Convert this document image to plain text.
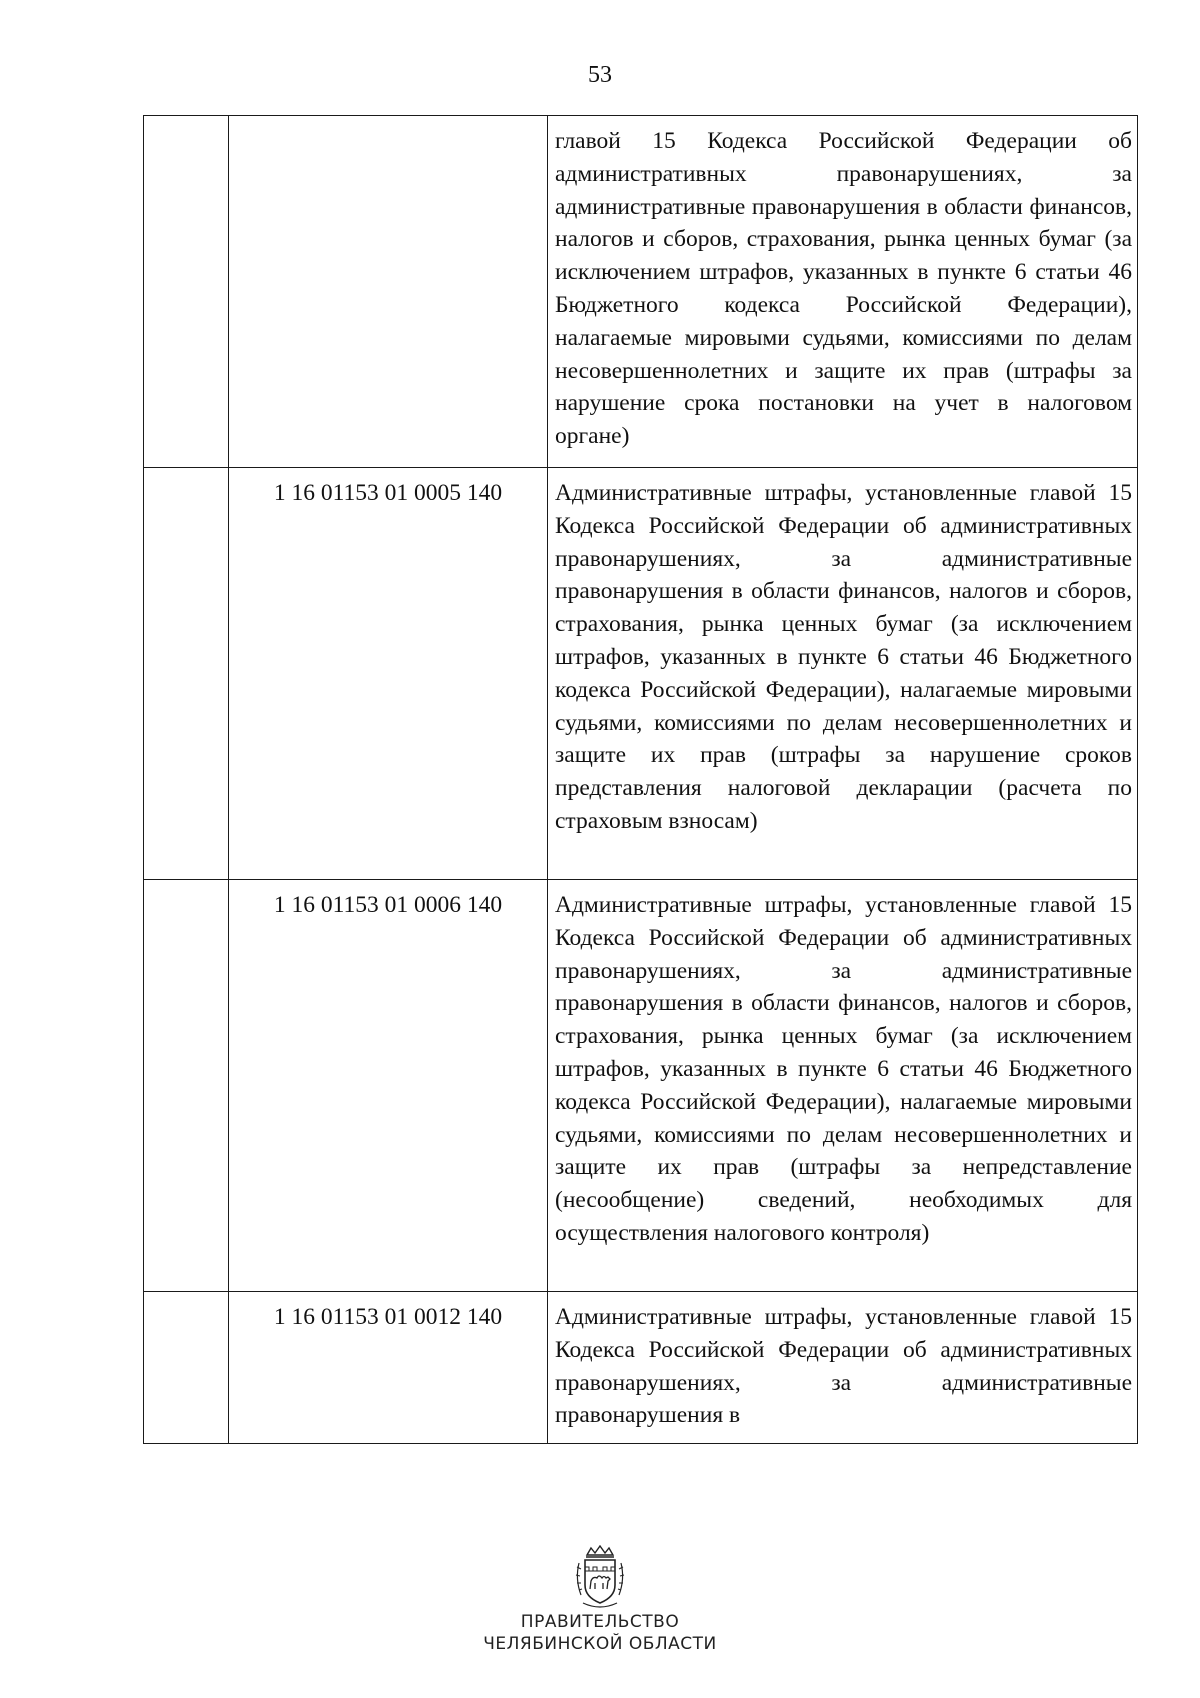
53
		главой 15 Кодекса Российской Федерации об административных правонарушениях, за административные правонарушения в области финансов, налогов и сборов, страхования, рынка ценных бумаг (за исключением штрафов, указанных в пункте 6 статьи 46 Бюджетного кодекса Российской Федерации), налагаемые мировыми судьями, комиссиями по делам несовершеннолетних и защите их прав (штрафы за нарушение срока постановки на учет в налоговом органе)
	1 16 01153 01 0005 140	Административные штрафы, установленные главой 15 Кодекса Российской Федерации об административных правонарушениях, за административные правонарушения в области финансов, налогов и сборов, страхования, рынка ценных бумаг (за исключением штрафов, указанных в пункте 6 статьи 46 Бюджетного кодекса Российской Федерации), налагаемые мировыми судьями, комиссиями по делам несовершеннолетних и защите их прав (штрафы за нарушение сроков представления налоговой декларации (расчета по страховым взносам)
	1 16 01153 01 0006 140	Административные штрафы, установленные главой 15 Кодекса Российской Федерации об административных правонарушениях, за административные правонарушения в области финансов, налогов и сборов, страхования, рынка ценных бумаг (за исключением штрафов, указанных в пункте 6 статьи 46 Бюджетного кодекса Российской Федерации), налагаемые мировыми судьями, комиссиями по делам несовершеннолетних и защите их прав (штрафы за непредставление (несообщение) сведений, необходимых для осуществления налогового контроля)
	1 16 01153 01 0012 140	Административные штрафы, установленные главой 15 Кодекса Российской Федерации об административных правонарушениях, за административные правонарушения в
ПРАВИТЕЛЬСТВО
ЧЕЛЯБИНСКОЙ ОБЛАСТИ
